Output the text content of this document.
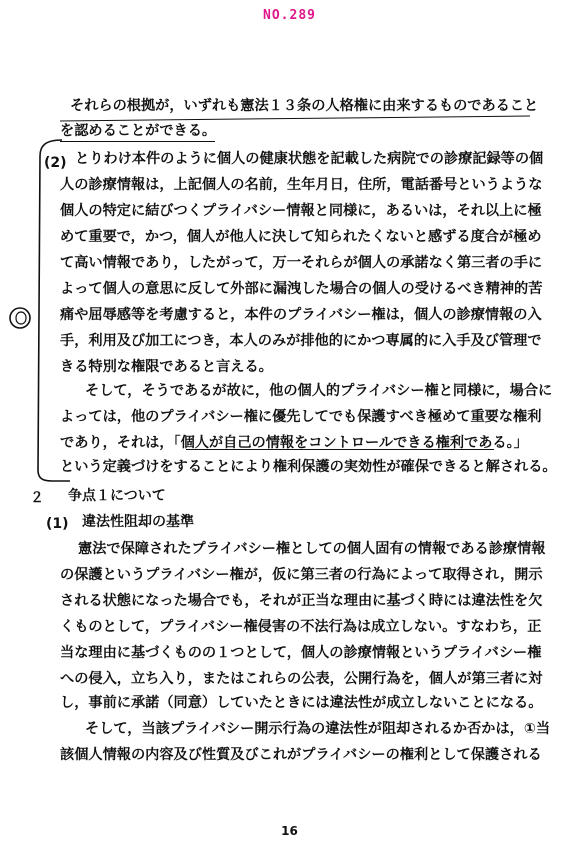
NO.289
それらの根拠が，いずれも憲法１３条の人格権に由来するものであること
を認めることができる。
(2) とりわけ本件のように個人の健康状態を記載した病院での診療記録等の個
人の診療情報は，上記個人の名前，生年月日，住所，電話番号というような
個人の特定に結びつくプライバシー情報と同様に，あるいは，それ以上に極
めて重要で，かつ，個人が他人に決して知られたくないと感ずる度合が極め
て高い情報であり，したがって，万一それらが個人の承諾なく第三者の手に
よって個人の意思に反して外部に漏洩した場合の個人の受けるべき精神的苦
痛や屈辱感等を考慮すると，本件のプライバシー権は，個人の診療情報の入
手，利用及び加工につき，本人のみが排他的にかつ専属的に入手及び管理で
きる特別な権限であると言える。
そして，そうであるが故に，他の個人的プライバシー権と同様に，場合に
よっては，他のプライバシー権に優先してでも保護すべき極めて重要な権利
であり，それは，「個人が自己の情報をコントロールできる権利である。」
という定義づけをすることにより権利保護の実効性が確保できると解される。
２ 争点１について
(1) 違法性阻却の基準
憲法で保障されたプライバシー権としての個人固有の情報である診療情報
の保護というプライバシー権が，仮に第三者の行為によって取得され，開示
される状態になった場合でも，それが正当な理由に基づく時には違法性を欠
くものとして，プライバシー権侵害の不法行為は成立しない。すなわち，正
当な理由に基づくものの１つとして，個人の診療情報というプライバシー権
への侵入，立ち入り，またはこれらの公表，公開行為を，個人が第三者に対
し，事前に承諾（同意）していたときには違法性が成立しないことになる。
そして，当該プライバシー開示行為の違法性が阻却されるか否かは，①当
該個人情報の内容及び性質及びこれがプライバシーの権利として保護される
16
